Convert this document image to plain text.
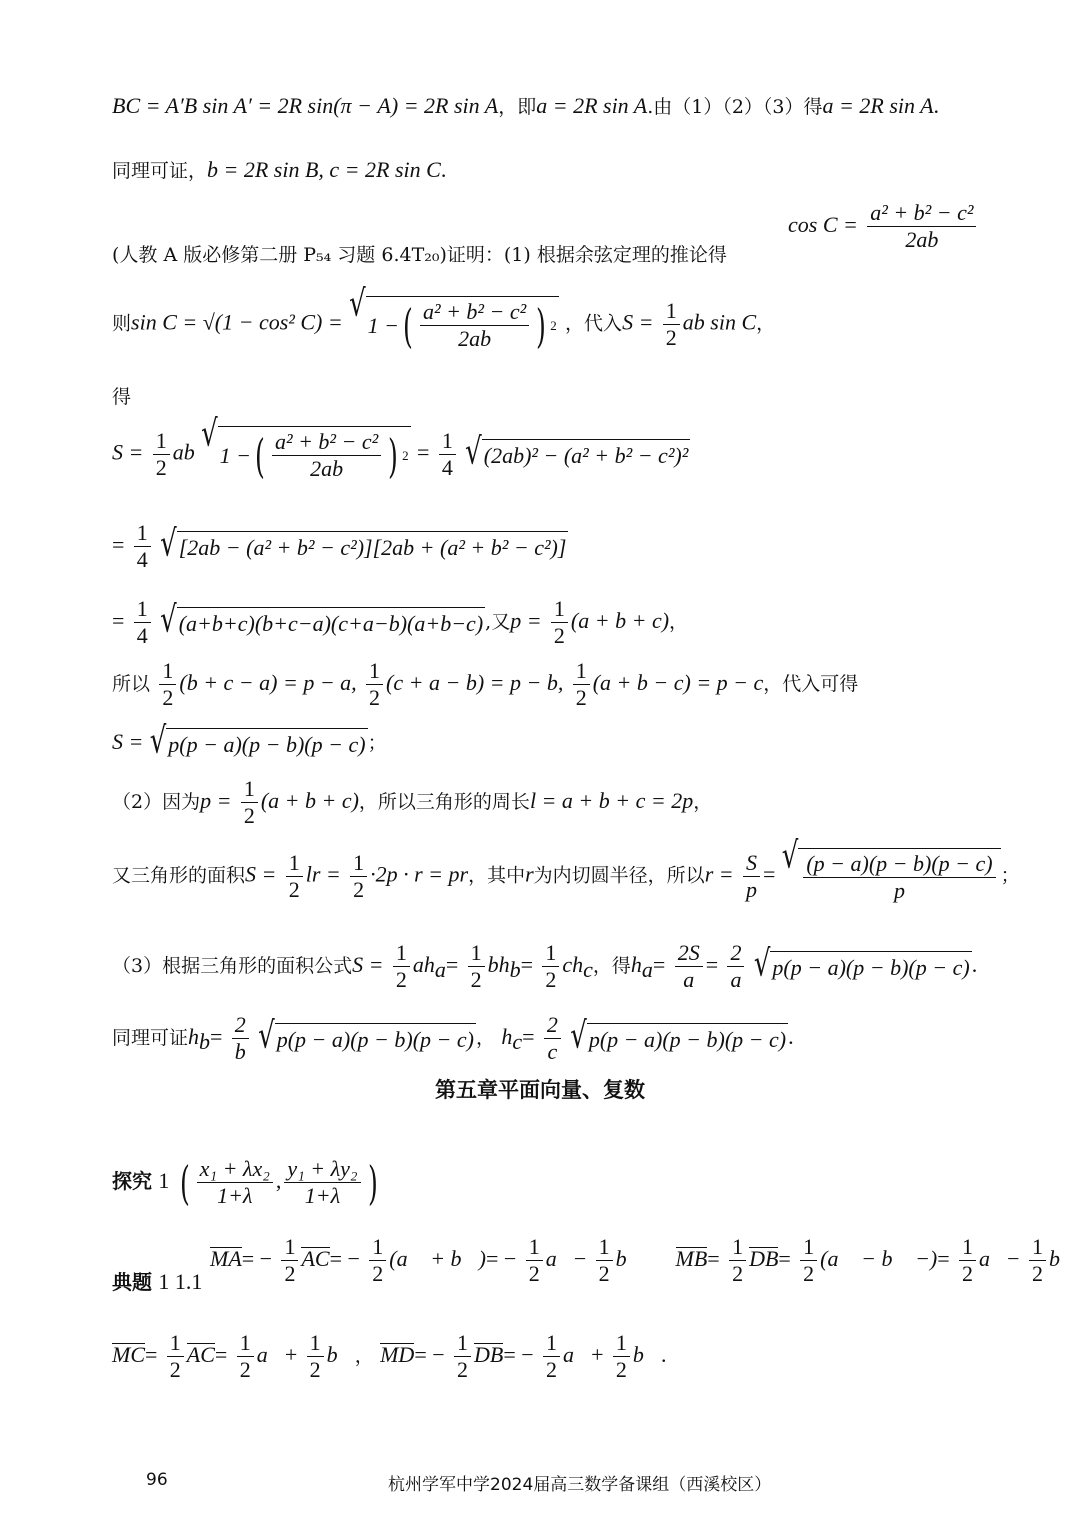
BC = A′B sin A′ = 2R sin(π − A) = 2R sin A，即a = 2R sin A.由（1）（2）（3）得a = 2R sin A.
同理可证，b = 2R sin B, c = 2R sin C.
(人教 A 版必修第二册 P₅₄ 习题 6.4T₂₀)证明：(1) 根据余弦定理的推论得
$\cos C = \frac{\text{a² + b² − c²}}{2ab}$
则sin C = √(1 − cos² C) = √ 1 − ( $\frac{\text{a² + b² − c²}}{2ab}$ ) 2 ，代入$S = \frac{1}{2}$ ab sin C，
得
$S = \frac{1}{2}$ ab √ 1 − ( $\frac{\text{a² + b² − c²}}{2ab}$ ) $2 = \frac{1}{4}$
√ (2ab)² − (a² + b² − c²)²
= $\frac{1}{4}$
√ [2ab − (a² + b² − c²)][2ab + (a² + b² − c²)]
= $\frac{1}{4}$
√ (a+b+c)(b+c−a)(c+a−b)(a+b−c) ,又$p = \frac{1}{2} (a + b + c)$，
所以 $\frac{1}{2} (b + c - a) = p - a$, $\frac{1}{2} (c + a - b) = p - b$, $\frac{1}{2} (a + b - c) = p - c$，代入可得
S = √ p(p − a)(p − b)(p − c) ；
（2）因为$p = \frac{1}{2} (a + b + c)$，所以三角形的周长l = a + b + c = 2p，
又三角形的面积$S = \frac{1}{2}$ lr = $\frac{1}{2} \cdot 2p \cdot r$ = pr，其中r为内切圆半径，所以$r = \frac{S}{p}$ = √ $\frac{(p - a)(p - b)(p - c)}{p}$ ；
（3）根据三角形的面积公式$S = \frac{1}{2} ah_a= \frac{1}{2} bh_b= \frac{1}{2} ch_c$，得$h_a= \frac{2S}{a} = \frac{2}{a}$
√ p(p − a)(p − b)(p − c) .
同理可证$h_b= \frac{2}{b}$
√ p(p − a)(p − b)(p − c) ， $h_c= \frac{2}{c}$
√ p(p − a)(p − b)(p − c) .
第五章平面向量、复数
探究 1 ( $\frac{\text{x₁ + λx₂}}{1+\lambda}$ , $\frac{\text{y₁ + λy₂}}{1+\lambda}$ )
典题 1 1.1
$MA= - \frac{1}{2} AC= - \frac{1}{2}$ (a⃗ + b⃗)= − $\frac{1}{2}$ a⃗− $\frac{1}{2}$ b⃗ $MB= \frac{1}{2} DB= \frac{1}{2}$ (a⃗ − b⃗ −)= $\frac{1}{2}$ a⃗− $\frac{1}{2}$ b⃗
$MC= \frac{1}{2} AC= \frac{1}{2}$ a⃗+ $\frac{1}{2}$ b⃗， $MD= - \frac{1}{2} DB= - \frac{1}{2}$ a⃗+ $\frac{1}{2}$ b⃗.
96	杭州学军中学2024届高三数学备课组（西溪校区）
